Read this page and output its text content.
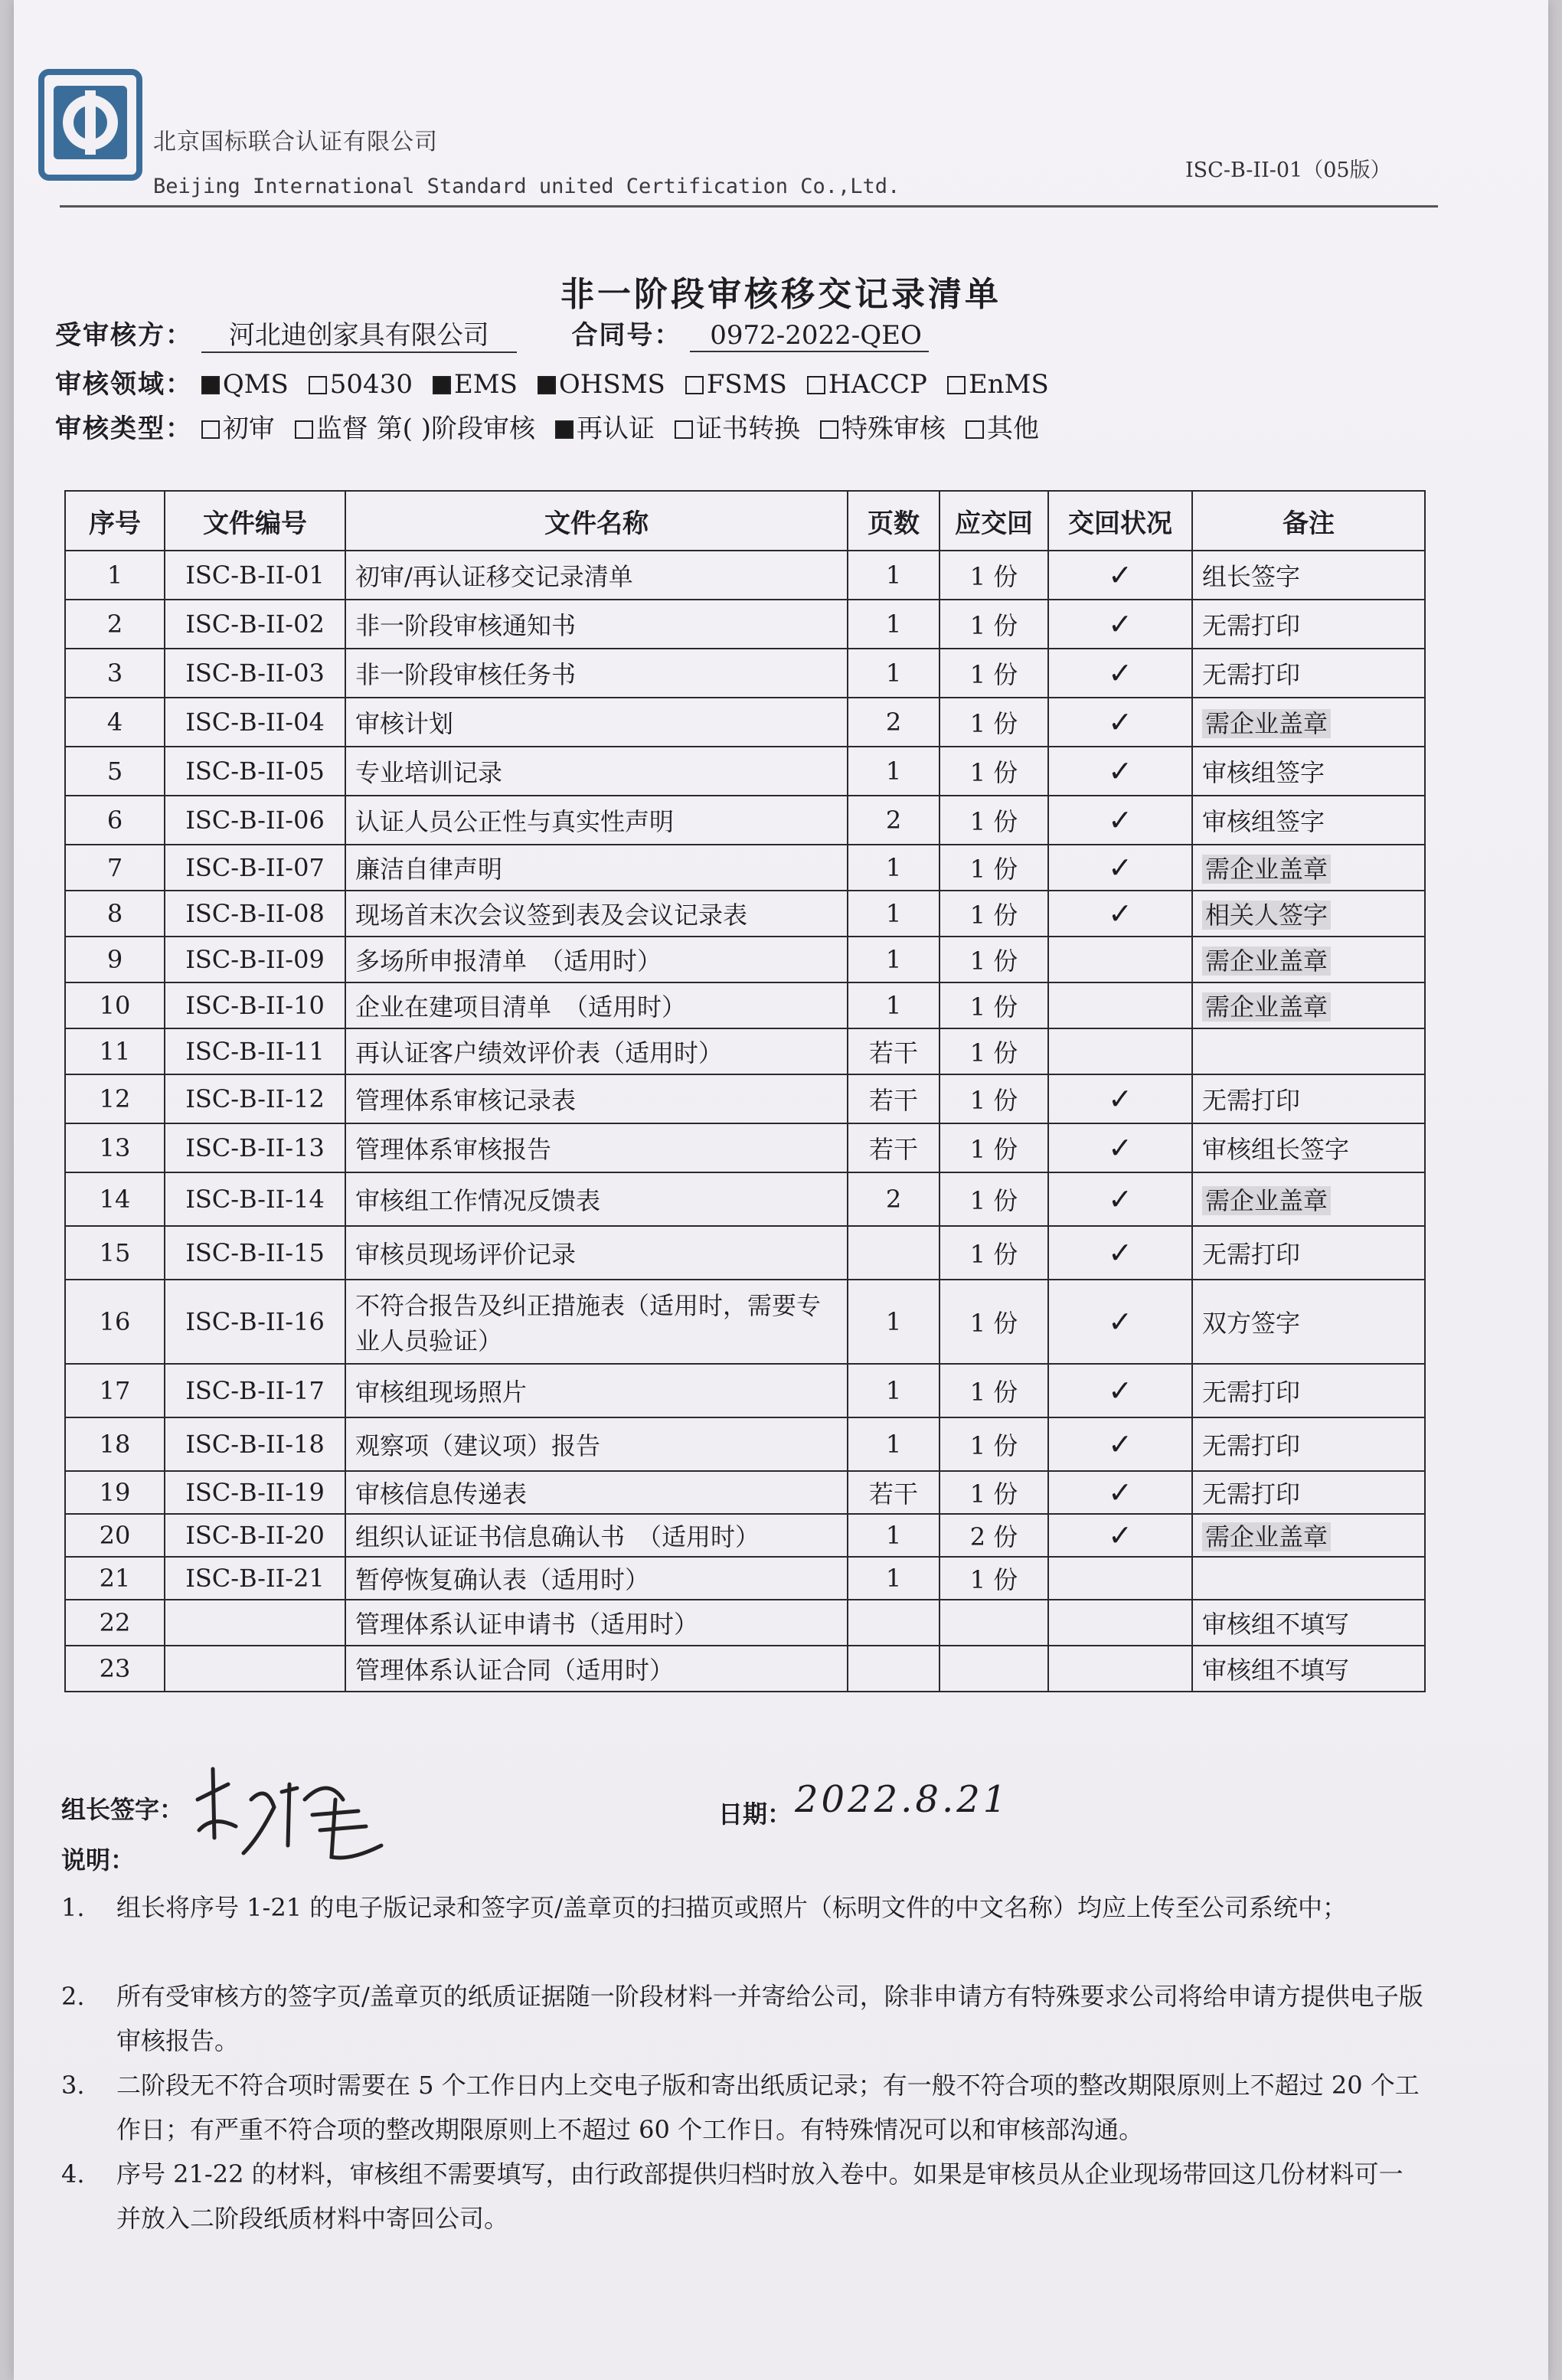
北京国标联合认证有限公司
Beijing International Standard united Certification Co.,Ltd.
ISC-B-II-01（05版）
非一阶段审核移交记录清单
受审核方： 河北迪创家具有限公司	合同号： 0972-2022-QEO
审核领域： QMS 50430 EMS OHSMS FSMS HACCP EnMS
审核类型： 初审 监督 第( )阶段审核 再认证 证书转换 特殊审核 其他
序号	文件编号	文件名称	页数	应交回	交回状况	备注
1	ISC-B-II-01	初审/再认证移交记录清单	1	1 份	✓	组长签字
2	ISC-B-II-02	非一阶段审核通知书	1	1 份	✓	无需打印
3	ISC-B-II-03	非一阶段审核任务书	1	1 份	✓	无需打印
4	ISC-B-II-04	审核计划	2	1 份	✓	需企业盖章
5	ISC-B-II-05	专业培训记录	1	1 份	✓	审核组签字
6	ISC-B-II-06	认证人员公正性与真实性声明	2	1 份	✓	审核组签字
7	ISC-B-II-07	廉洁自律声明	1	1 份	✓	需企业盖章
8	ISC-B-II-08	现场首末次会议签到表及会议记录表	1	1 份	✓	相关人签字
9	ISC-B-II-09	多场所申报清单　（适用时）	1	1 份		需企业盖章
10	ISC-B-II-10	企业在建项目清单　（适用时）	1	1 份		需企业盖章
11	ISC-B-II-11	再认证客户绩效评价表（适用时）	若干	1 份		
12	ISC-B-II-12	管理体系审核记录表	若干	1 份	✓	无需打印
13	ISC-B-II-13	管理体系审核报告	若干	1 份	✓	审核组长签字
14	ISC-B-II-14	审核组工作情况反馈表	2	1 份	✓	需企业盖章
15	ISC-B-II-15	审核员现场评价记录		1 份	✓	无需打印
16	ISC-B-II-16	不符合报告及纠正措施表（适用时，需要专业人员验证）	1	1 份	✓	双方签字
17	ISC-B-II-17	审核组现场照片	1	1 份	✓	无需打印
18	ISC-B-II-18	观察项（建议项）报告	1	1 份	✓	无需打印
19	ISC-B-II-19	审核信息传递表	若干	1 份	✓	无需打印
20	ISC-B-II-20	组织认证证书信息确认书　（适用时）	1	2 份	✓	需企业盖章
21	ISC-B-II-21	暂停恢复确认表（适用时）	1	1 份		
22		管理体系认证申请书（适用时）				审核组不填写
23		管理体系认证合同（适用时）				审核组不填写
组长签字：	日期： 2022.8.21
说明：
1. 组长将序号 1-21 的电子版记录和签字页/盖章页的扫描页或照片（标明文件的中文名称）均应上传至公司系统中；
2. 所有受审核方的签字页/盖章页的纸质证据随一阶段材料一并寄给公司，除非申请方有特殊要求公司将给申请方提供电子版审核报告。
3. 二阶段无不符合项时需要在 5 个工作日内上交电子版和寄出纸质记录；有一般不符合项的整改期限原则上不超过 20 个工作日；有严重不符合项的整改期限原则上不超过 60 个工作日。有特殊情况可以和审核部沟通。
4. 序号 21-22 的材料，审核组不需要填写，由行政部提供归档时放入卷中。如果是审核员从企业现场带回这几份材料可一并放入二阶段纸质材料中寄回公司。
